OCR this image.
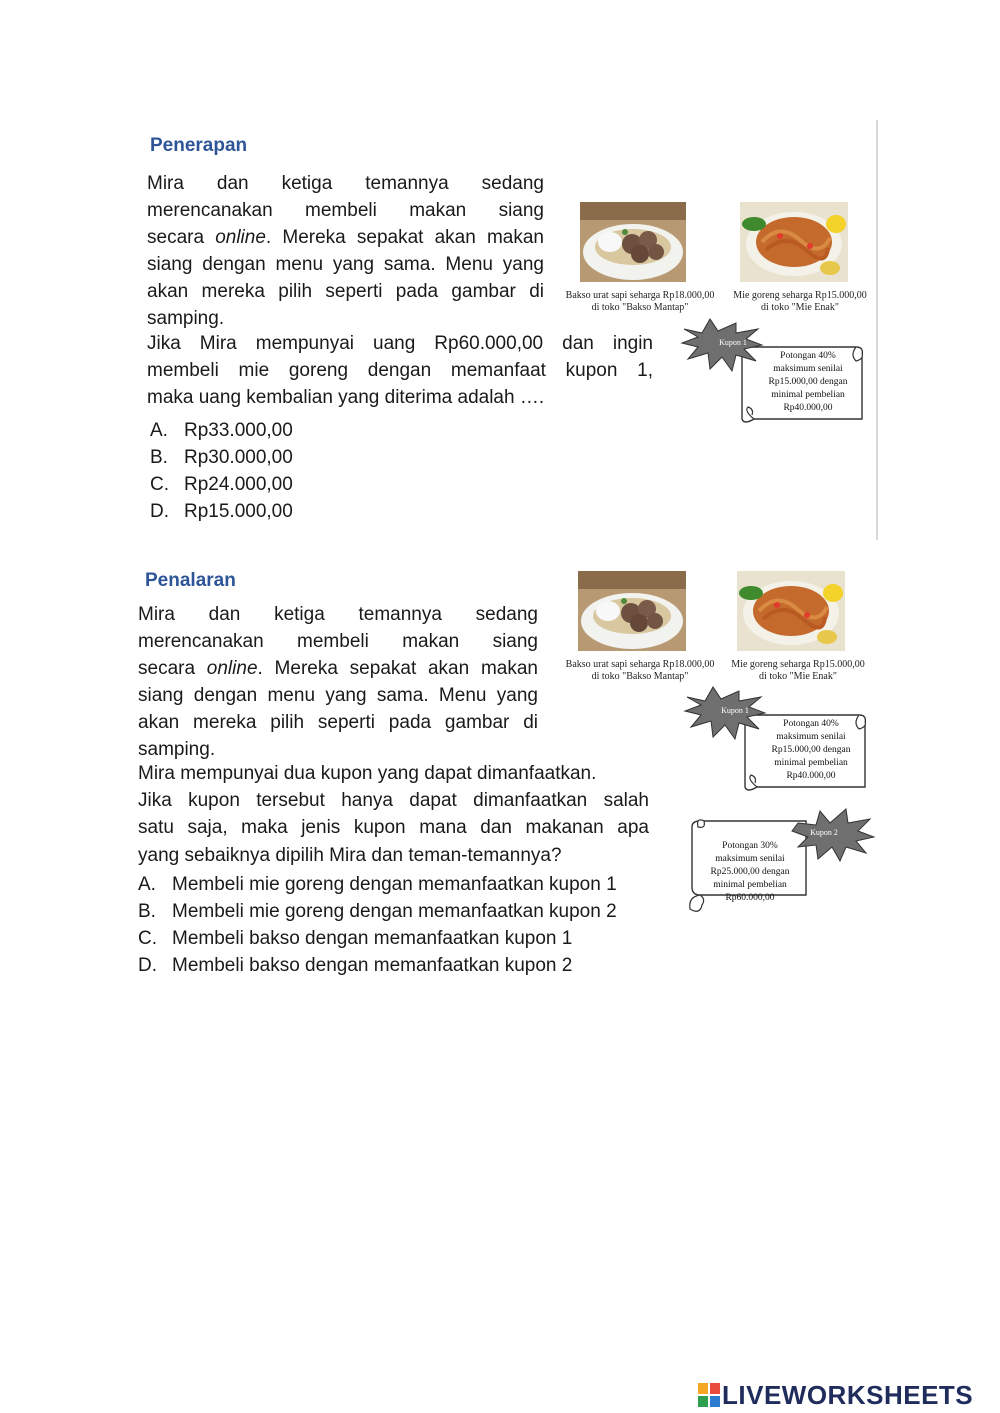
Penerapan
Mira dan ketiga temannya sedang
merencanakan membeli makan siang
secara online. Mereka sepakat akan makan
siang dengan menu yang sama. Menu yang
akan mereka pilih seperti pada gambar di
samping.
Jika Mira mempunyai uang Rp60.000,00 dan ingin
membeli mie goreng dengan memanfaat kupon 1,
maka uang kembalian yang diterima adalah ….
A. Rp33.000,00
B. Rp30.000,00
C. Rp24.000,00
D. Rp15.000,00
Bakso urat sapi seharga Rp18.000,00
di toko "Bakso Mantap"
Mie goreng seharga Rp15.000,00
di toko "Mie Enak"
Kupon 1
Potongan 40%
maksimum senilai
Rp15.000,00 dengan
minimal pembelian
Rp40.000,00
Penalaran
Mira dan ketiga temannya sedang
merencanakan membeli makan siang
secara online. Mereka sepakat akan makan
siang dengan menu yang sama. Menu yang
akan mereka pilih seperti pada gambar di
samping.
Mira mempunyai dua kupon yang dapat dimanfaatkan.
Jika kupon tersebut hanya dapat dimanfaatkan salah
satu saja, maka jenis kupon mana dan makanan apa
yang sebaiknya dipilih Mira dan teman-temannya?
A. Membeli mie goreng dengan memanfaatkan kupon 1
B. Membeli mie goreng dengan memanfaatkan kupon 2
C. Membeli bakso dengan memanfaatkan kupon 1
D. Membeli bakso dengan memanfaatkan kupon 2
Bakso urat sapi seharga Rp18.000,00
di toko "Bakso Mantap"
Mie goreng seharga Rp15.000,00
di toko "Mie Enak"
Kupon 1
Potongan 40%
maksimum senilai
Rp15.000,00 dengan
minimal pembelian
Rp40.000,00
Kupon 2
Potongan 30%
maksimum senilai
Rp25.000,00 dengan
minimal pembelian
Rp60.000,00
LIVEWORKSHEETS
